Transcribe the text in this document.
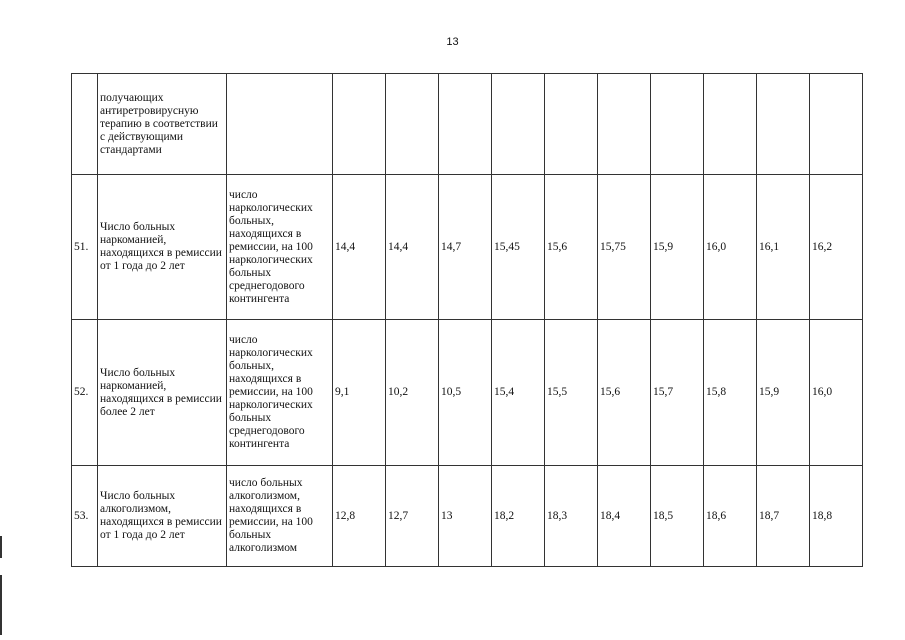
13
	получающих антиретровирусную терапию в соответствии с действующими стандартами											
51.	Число больных наркоманией, находящихся в ремиссии от 1 года до 2 лет	число наркологических больных, находящихся в ремиссии, на 100 наркологических больных среднегодового контингента	14,4	14,4	14,7	15,45	15,6	15,75	15,9	16,0	16,1	16,2
52.	Число больных наркоманией, находящихся в ремиссии более 2 лет	число наркологических больных, находящихся в ремиссии, на 100 наркологических больных среднегодового контингента	9,1	10,2	10,5	15,4	15,5	15,6	15,7	15,8	15,9	16,0
53.	Число больных алкоголизмом, находящихся в ремиссии от 1 года до 2 лет	число больных алкоголизмом, находящихся в ремиссии, на 100 больных алкоголизмом	12,8	12,7	13	18,2	18,3	18,4	18,5	18,6	18,7	18,8
